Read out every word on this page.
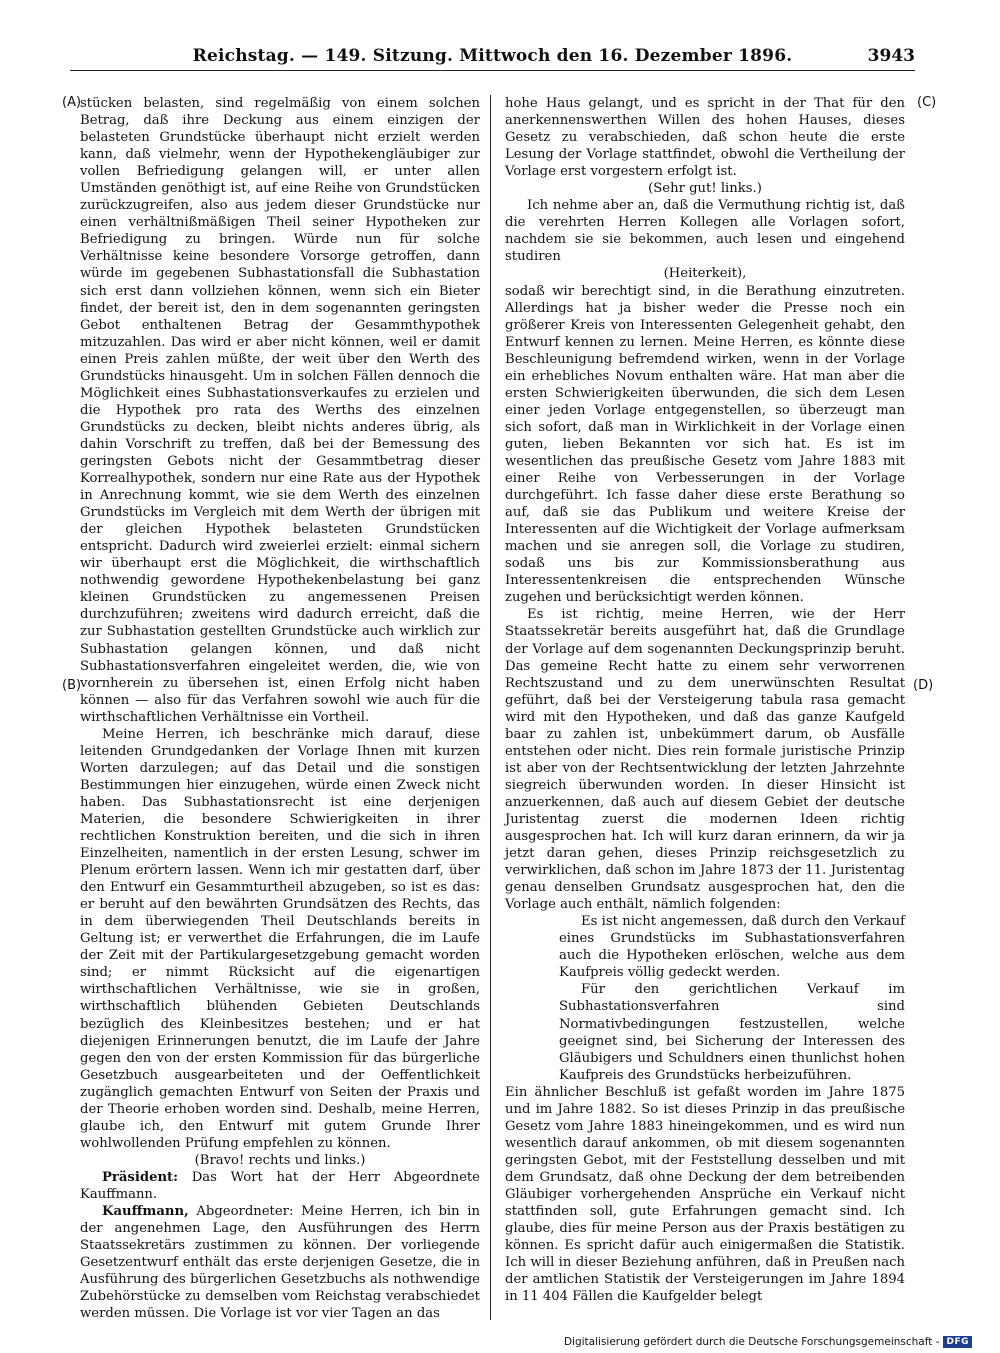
Reichstag. — 149. Sitzung. Mittwoch den 16. Dezember 1896.	3943
(A)
(B)
(C)
(D)

stücken belasten, sind regelmäßig von einem solchen Betrag, daß ihre Deckung aus einem einzigen der belasteten Grundstücke überhaupt nicht erzielt werden kann, daß vielmehr, wenn der Hypothekengläubiger zur vollen Befriedigung gelangen will, er unter allen Umständen genöthigt ist, auf eine Reihe von Grundstücken zurückzugreifen, also aus jedem dieser Grundstücke nur einen verhältnißmäßigen Theil seiner Hypotheken zur Befriedigung zu bringen. Würde nun für solche Verhältnisse keine besondere Vorsorge getroffen, dann würde im gegebenen Subhastationsfall die Subhastation sich erst dann vollziehen können, wenn sich ein Bieter findet, der bereit ist, den in dem sogenannten geringsten Gebot enthaltenen Betrag der Gesammthypothek mitzuzahlen. Das wird er aber nicht können, weil er damit einen Preis zahlen müßte, der weit über den Werth des Grundstücks hinausgeht. Um in solchen Fällen dennoch die Möglichkeit eines Subhastationsverkaufes zu erzielen und die Hypothek pro rata des Werths des einzelnen Grundstücks zu decken, bleibt nichts anderes übrig, als dahin Vorschrift zu treffen, daß bei der Bemessung des geringsten Gebots nicht der Gesammtbetrag dieser Korrealhypothek, sondern nur eine Rate aus der Hypothek in Anrechnung kommt, wie sie dem Werth des einzelnen Grundstücks im Vergleich mit dem Werth der übrigen mit der gleichen Hypothek belasteten Grundstücken entspricht. Dadurch wird zweierlei erzielt: einmal sichern wir überhaupt erst die Möglichkeit, die wirthschaftlich nothwendig gewordene Hypothekenbelastung bei ganz kleinen Grundstücken zu angemessenen Preisen durchzuführen; zweitens wird dadurch erreicht, daß die zur Subhastation gestellten Grundstücke auch wirklich zur Subhastation gelangen können, und daß nicht Subhastationsverfahren eingeleitet werden, die, wie von vornherein zu übersehen ist, einen Erfolg nicht haben können — also für das Verfahren sowohl wie auch für die wirthschaftlichen Verhältnisse ein Vortheil.

Meine Herren, ich beschränke mich darauf, diese leitenden Grundgedanken der Vorlage Ihnen mit kurzen Worten darzulegen; auf das Detail und die sonstigen Bestimmungen hier einzugehen, würde einen Zweck nicht haben. Das Subhastationsrecht ist eine derjenigen Materien, die besondere Schwierigkeiten in ihrer rechtlichen Konstruktion bereiten, und die sich in ihren Einzelheiten, namentlich in der ersten Lesung, schwer im Plenum erörtern lassen. Wenn ich mir gestatten darf, über den Entwurf ein Gesammturtheil abzugeben, so ist es das: er beruht auf den bewährten Grundsätzen des Rechts, das in dem überwiegenden Theil Deutschlands bereits in Geltung ist; er verwerthet die Erfahrungen, die im Laufe der Zeit mit der Partikulargesetzgebung gemacht worden sind; er nimmt Rücksicht auf die eigenartigen wirthschaftlichen Verhältnisse, wie sie in großen, wirthschaftlich blühenden Gebieten Deutschlands bezüglich des Kleinbesitzes bestehen; und er hat diejenigen Erinnerungen benutzt, die im Laufe der Jahre gegen den von der ersten Kommission für das bürgerliche Gesetzbuch ausgearbeiteten und der Oeffentlichkeit zugänglich gemachten Entwurf von Seiten der Praxis und der Theorie erhoben worden sind. Deshalb, meine Herren, glaube ich, den Entwurf mit gutem Grunde Ihrer wohlwollenden Prüfung empfehlen zu können.

(Bravo! rechts und links.)

Präsident: Das Wort hat der Herr Abgeordnete Kauffmann.

Kauffmann, Abgeordneter: Meine Herren, ich bin in der angenehmen Lage, den Ausführungen des Herrn Staatssekretärs zustimmen zu können. Der vorliegende Gesetzentwurf enthält das erste derjenigen Gesetze, die in Ausführung des bürgerlichen Gesetzbuchs als nothwendige Zubehörstücke zu demselben vom Reichstag verabschiedet werden müssen. Die Vorlage ist vor vier Tagen an das

hohe Haus gelangt, und es spricht in der That für den anerkennenswerthen Willen des hohen Hauses, dieses Gesetz zu verabschieden, daß schon heute die erste Lesung der Vorlage stattfindet, obwohl die Vertheilung der Vorlage erst vorgestern erfolgt ist.

(Sehr gut! links.)

Ich nehme aber an, daß die Vermuthung richtig ist, daß die verehrten Herren Kollegen alle Vorlagen sofort, nachdem sie sie bekommen, auch lesen und eingehend studiren

(Heiterkeit),

sodaß wir berechtigt sind, in die Berathung einzutreten. Allerdings hat ja bisher weder die Presse noch ein größerer Kreis von Interessenten Gelegenheit gehabt, den Entwurf kennen zu lernen. Meine Herren, es könnte diese Beschleunigung befremdend wirken, wenn in der Vorlage ein erhebliches Novum enthalten wäre. Hat man aber die ersten Schwierigkeiten überwunden, die sich dem Lesen einer jeden Vorlage entgegenstellen, so überzeugt man sich sofort, daß man in Wirklichkeit in der Vorlage einen guten, lieben Bekannten vor sich hat. Es ist im wesentlichen das preußische Gesetz vom Jahre 1883 mit einer Reihe von Verbesserungen in der Vorlage durchgeführt. Ich fasse daher diese erste Berathung so auf, daß sie das Publikum und weitere Kreise der Interessenten auf die Wichtigkeit der Vorlage aufmerksam machen und sie anregen soll, die Vorlage zu studiren, sodaß uns bis zur Kommissionsberathung aus Interessentenkreisen die entsprechenden Wünsche zugehen und berücksichtigt werden können.

Es ist richtig, meine Herren, wie der Herr Staatssekretär bereits ausgeführt hat, daß die Grundlage der Vorlage auf dem sogenannten Deckungsprinzip beruht. Das gemeine Recht hatte zu einem sehr verworrenen Rechtszustand und zu dem unerwünschten Resultat geführt, daß bei der Versteigerung tabula rasa gemacht wird mit den Hypotheken, und daß das ganze Kaufgeld baar zu zahlen ist, unbekümmert darum, ob Ausfälle entstehen oder nicht. Dies rein formale juristische Prinzip ist aber von der Rechtsentwicklung der letzten Jahrzehnte siegreich überwunden worden. In dieser Hinsicht ist anzuerkennen, daß auch auf diesem Gebiet der deutsche Juristentag zuerst die modernen Ideen richtig ausgesprochen hat. Ich will kurz daran erinnern, da wir ja jetzt daran gehen, dieses Prinzip reichsgesetzlich zu verwirklichen, daß schon im Jahre 1873 der 11. Juristentag genau denselben Grundsatz ausgesprochen hat, den die Vorlage auch enthält, nämlich folgenden:

Es ist nicht angemessen, daß durch den Verkauf eines Grundstücks im Subhastationsverfahren auch die Hypotheken erlöschen, welche aus dem Kaufpreis völlig gedeckt werden.

Für den gerichtlichen Verkauf im Subhastationsverfahren sind Normativbedingungen festzustellen, welche geeignet sind, bei Sicherung der Interessen des Gläubigers und Schuldners einen thunlichst hohen Kaufpreis des Grundstücks herbeizuführen.

Ein ähnlicher Beschluß ist gefaßt worden im Jahre 1875 und im Jahre 1882. So ist dieses Prinzip in das preußische Gesetz vom Jahre 1883 hineingekommen, und es wird nun wesentlich darauf ankommen, ob mit diesem sogenannten geringsten Gebot, mit der Feststellung desselben und mit dem Grundsatz, daß ohne Deckung der dem betreibenden Gläubiger vorhergehenden Ansprüche ein Verkauf nicht stattfinden soll, gute Erfahrungen gemacht sind. Ich glaube, dies für meine Person aus der Praxis bestätigen zu können. Es spricht dafür auch einigermaßen die Statistik. Ich will in dieser Beziehung anführen, daß in Preußen nach der amtlichen Statistik der Versteigerungen im Jahre 1894 in 11 404 Fällen die Kaufgelder belegt

Digitalisierung gefördert durch die Deutsche Forschungsgemeinschaft - DFG
